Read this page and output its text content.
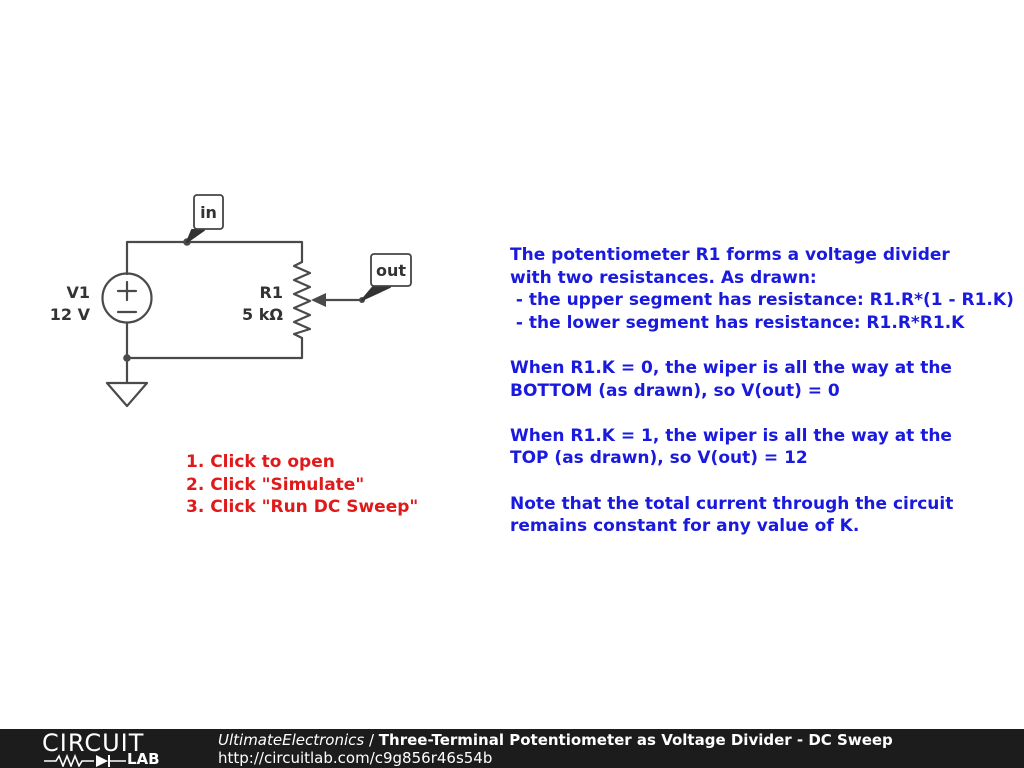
in
out
V1
12 V
R1
5 kΩ
1. Click to open
2. Click "Simulate"
3. Click "Run DC Sweep"
The potentiometer R1 forms a voltage divider
with two resistances. As drawn:
- the upper segment has resistance: R1.R*(1 - R1.K)
- the lower segment has resistance: R1.R*R1.K
When R1.K = 0, the wiper is all the way at the
BOTTOM (as drawn), so V(out) = 0
When R1.K = 1, the wiper is all the way at the
TOP (as drawn), so V(out) = 12
Note that the total current through the circuit
remains constant for any value of K.
CIRCUIT
LAB
UltimateElectronics / Three-Terminal Potentiometer as Voltage Divider - DC Sweep
http://circuitlab.com/c9g856r46s54b
